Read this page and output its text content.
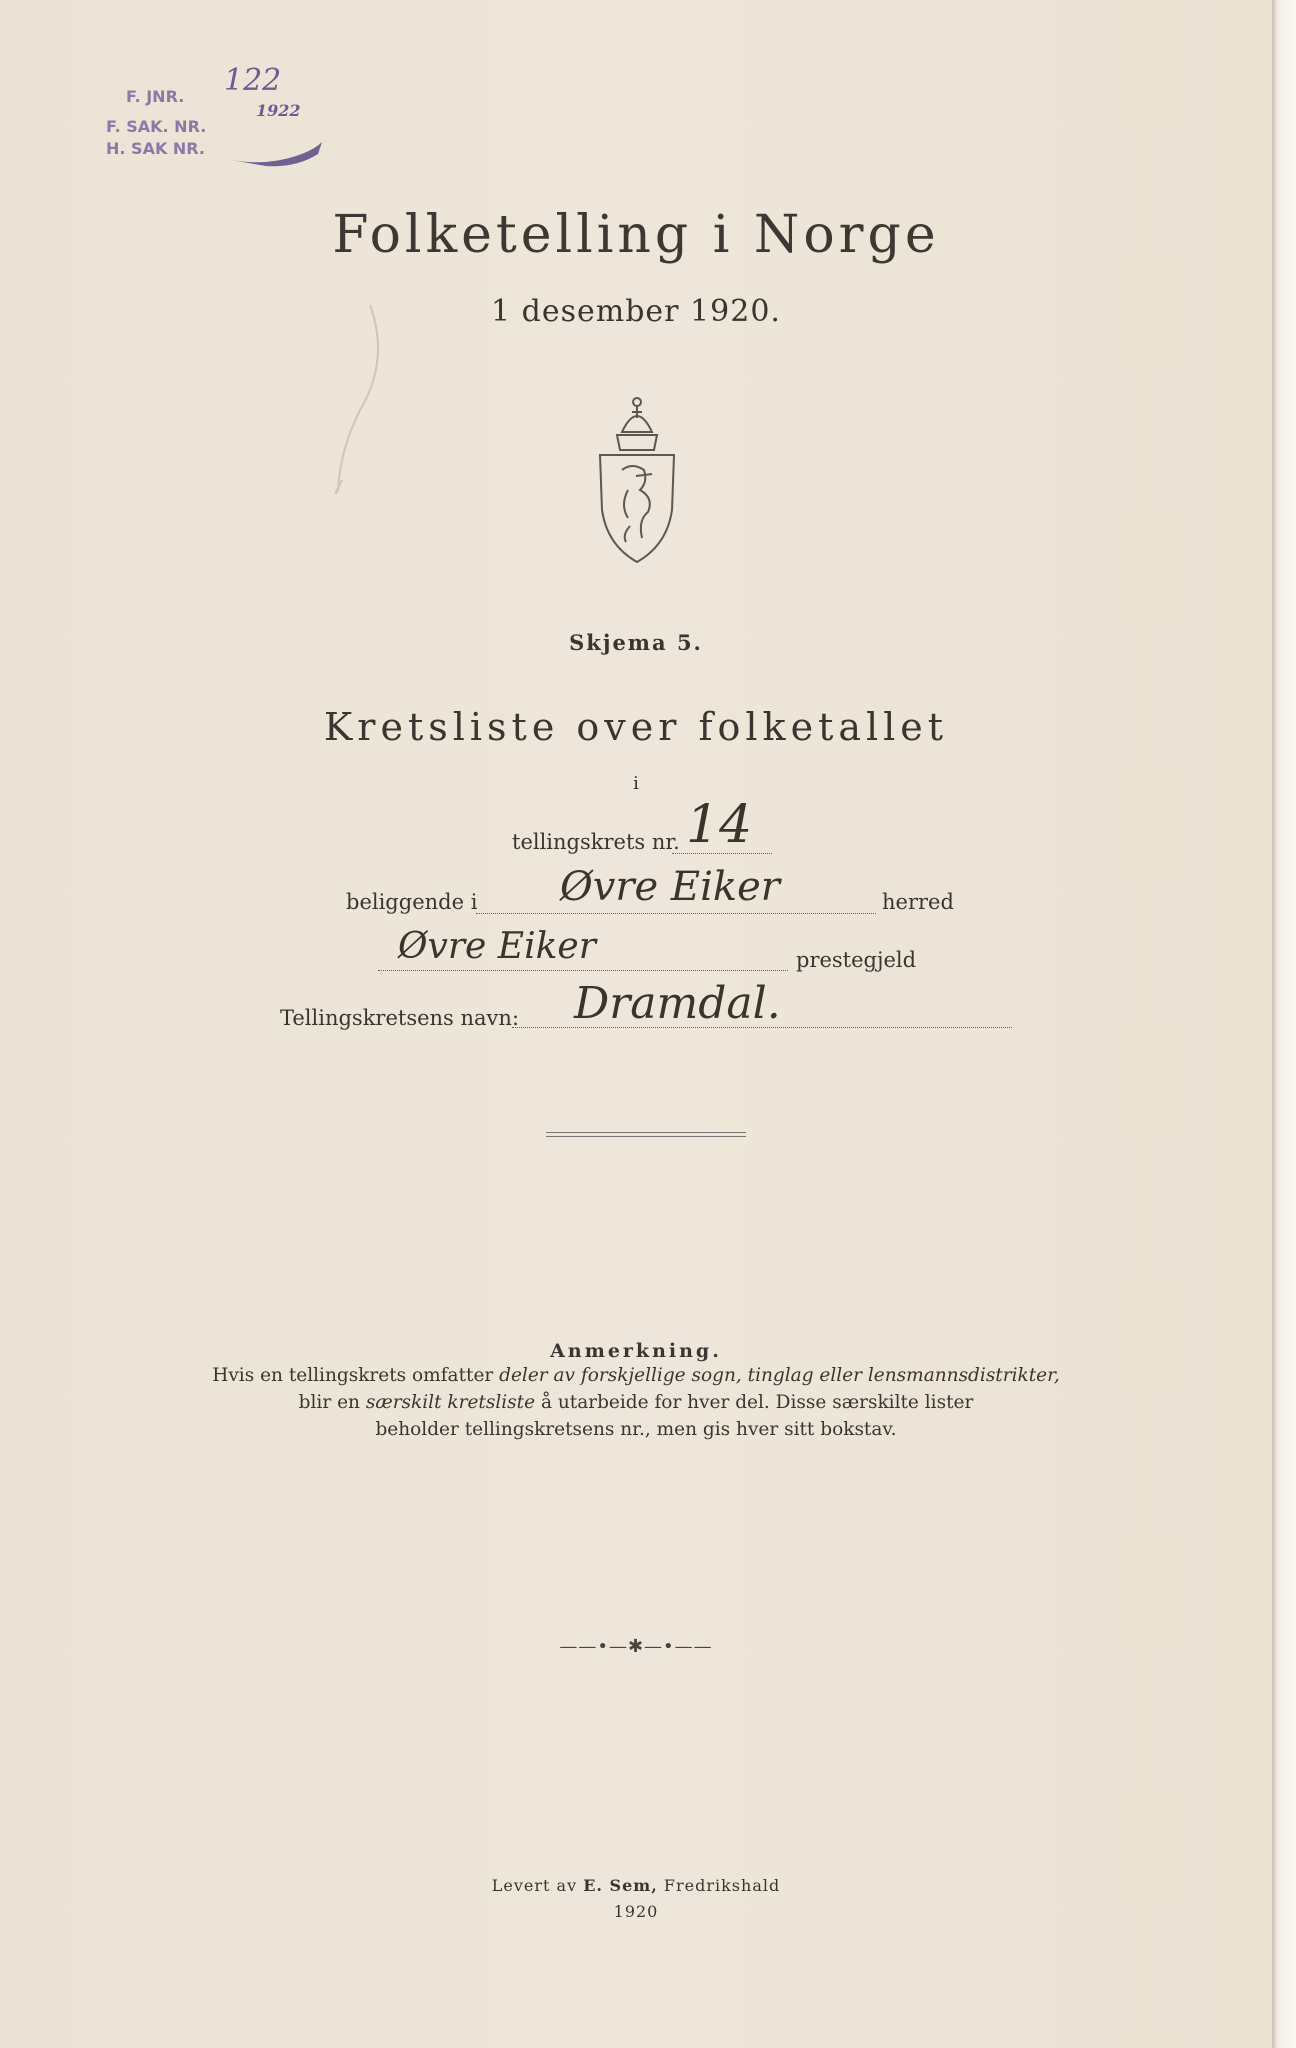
F. JNR.
F. SAK. NR.
H. SAK NR.
122
1922
Folketelling i Norge
1 desember 1920.
Skjema 5.
Kretsliste over folketallet
i
tellingskrets nr. 14
beliggende i Øvre Eiker	herred
Øvre Eiker	prestegjeld
Tellingskretsens navn: Dramdal.
Anmerkning.
Hvis en tellingskrets omfatter deler av forskjellige sogn, tinglag eller lensmannsdistrikter,
blir en særskilt kretsliste å utarbeide for hver del. Disse særskilte lister
beholder tellingskretsens nr., men gis hver sitt bokstav.
——•—✱—•——
Levert av E. Sem, Fredrikshald
1920
